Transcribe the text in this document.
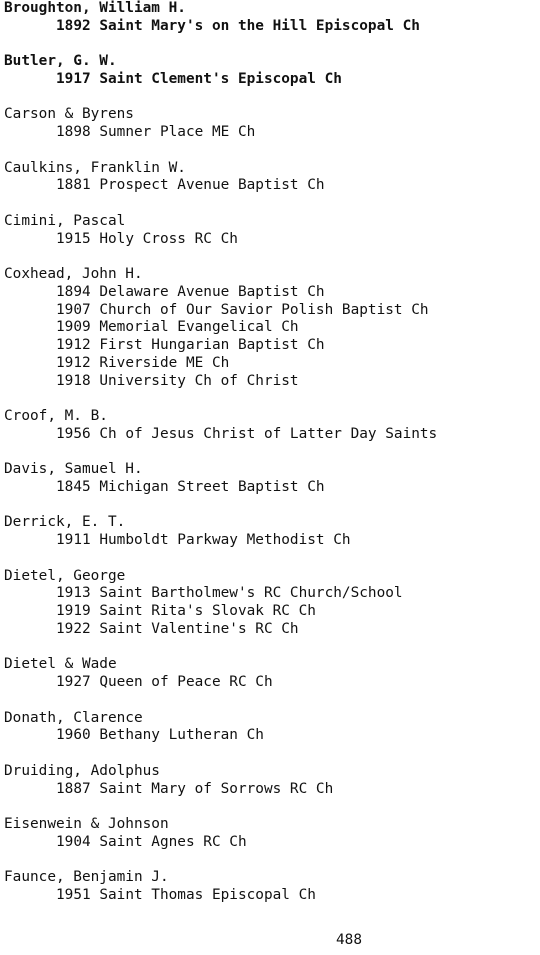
Broughton, William H.
1892 Saint Mary's on the Hill Episcopal Ch
Butler, G. W.
1917 Saint Clement's Episcopal Ch
Carson & Byrens
1898 Sumner Place ME Ch
Caulkins, Franklin W.
1881 Prospect Avenue Baptist Ch
Cimini, Pascal
1915 Holy Cross RC Ch
Coxhead, John H.
1894 Delaware Avenue Baptist Ch
1907 Church of Our Savior Polish Baptist Ch
1909 Memorial Evangelical Ch
1912 First Hungarian Baptist Ch
1912 Riverside ME Ch
1918 University Ch of Christ
Croof, M. B.
1956 Ch of Jesus Christ of Latter Day Saints
Davis, Samuel H.
1845 Michigan Street Baptist Ch
Derrick, E. T.
1911 Humboldt Parkway Methodist Ch
Dietel, George
1913 Saint Bartholmew's RC Church/School
1919 Saint Rita's Slovak RC Ch
1922 Saint Valentine's RC Ch
Dietel & Wade
1927 Queen of Peace RC Ch
Donath, Clarence
1960 Bethany Lutheran Ch
Druiding, Adolphus
1887 Saint Mary of Sorrows RC Ch
Eisenwein & Johnson
1904 Saint Agnes RC Ch
Faunce, Benjamin J.
1951 Saint Thomas Episcopal Ch
488
